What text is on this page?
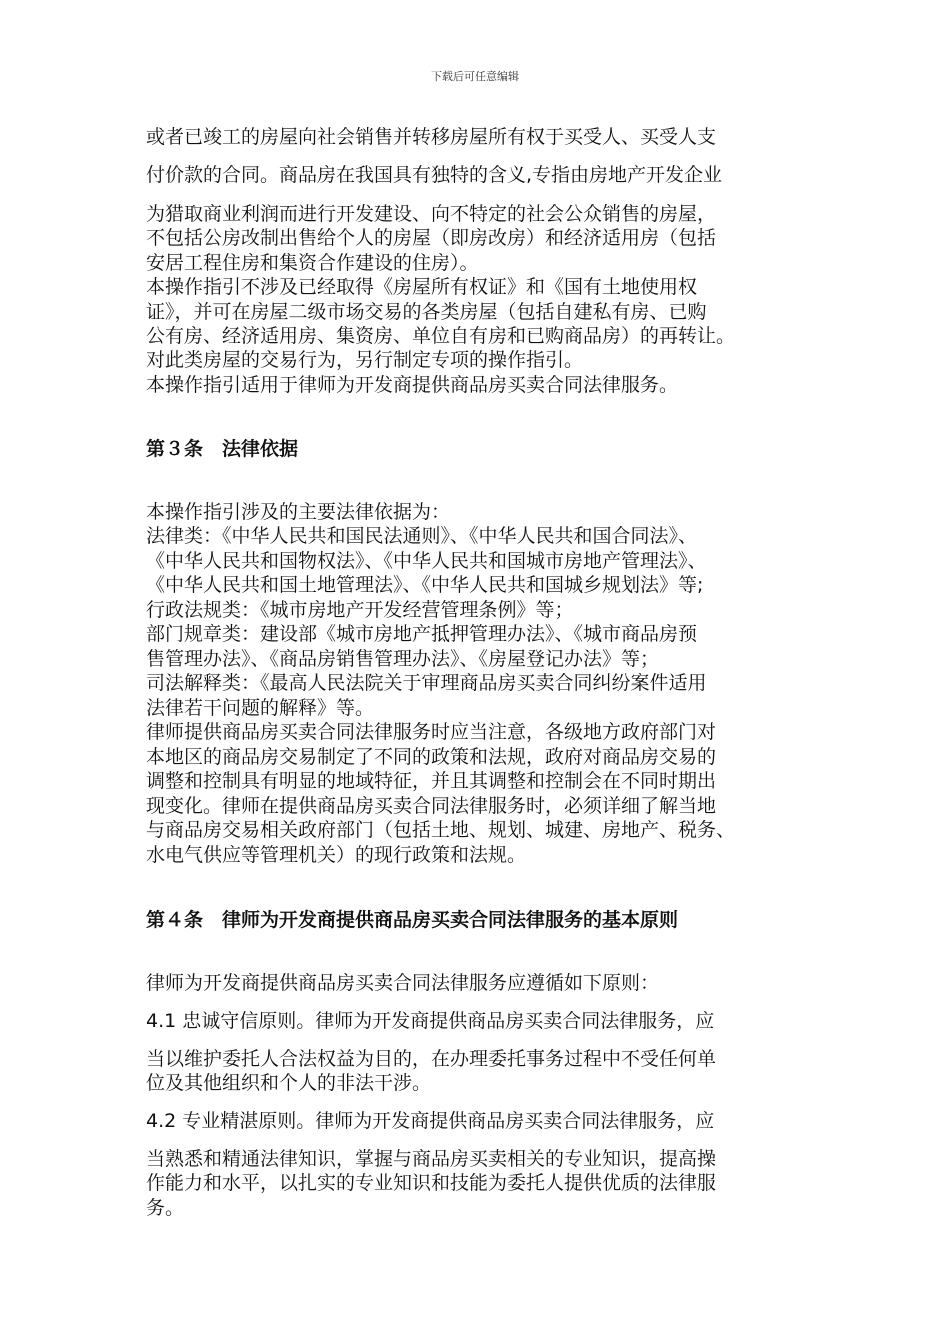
下载后可任意编辑
或者已竣工的房屋向社会销售并转移房屋所有权于买受人、买受人支
付价款的合同。商品房在我国具有独特的含义,专指由房地产开发企业
为猎取商业利润而进行开发建设、向不特定的社会公众销售的房屋，
不包括公房改制出售给个人的房屋（即房改房）和经济适用房（包括
安居工程住房和集资合作建设的住房）。
本操作指引不涉及已经取得《房屋所有权证》和《国有土地使用权
证》，并可在房屋二级市场交易的各类房屋（包括自建私有房、已购
公有房、经济适用房、集资房、单位自有房和已购商品房）的再转让。
对此类房屋的交易行为，另行制定专项的操作指引。
本操作指引适用于律师为开发商提供商品房买卖合同法律服务。
第３条　法律依据
本操作指引涉及的主要法律依据为：
法律类：《中华人民共和国民法通则》、《中华人民共和国合同法》、
《中华人民共和国物权法》、《中华人民共和国城市房地产管理法》、
《中华人民共和国土地管理法》、《中华人民共和国城乡规划法》等;
行政法规类：《城市房地产开发经营管理条例》等；
部门规章类：建设部《城市房地产抵押管理办法》、《城市商品房预
售管理办法》、《商品房销售管理办法》、《房屋登记办法》等；
司法解释类：《最高人民法院关于审理商品房买卖合同纠纷案件适用
法律若干问题的解释》等。
律师提供商品房买卖合同法律服务时应当注意，各级地方政府部门对
本地区的商品房交易制定了不同的政策和法规，政府对商品房交易的
调整和控制具有明显的地域特征，并且其调整和控制会在不同时期出
现变化。律师在提供商品房买卖合同法律服务时，必须详细了解当地
与商品房交易相关政府部门（包括土地、规划、城建、房地产、税务、
水电气供应等管理机关）的现行政策和法规。
第４条　律师为开发商提供商品房买卖合同法律服务的基本原则
律师为开发商提供商品房买卖合同法律服务应遵循如下原则：
4.1 忠诚守信原则。律师为开发商提供商品房买卖合同法律服务，应
当以维护委托人合法权益为目的，在办理委托事务过程中不受任何单
位及其他组织和个人的非法干涉。
4.2 专业精湛原则。律师为开发商提供商品房买卖合同法律服务，应
当熟悉和精通法律知识，掌握与商品房买卖相关的专业知识，提高操
作能力和水平，以扎实的专业知识和技能为委托人提供优质的法律服
务。
